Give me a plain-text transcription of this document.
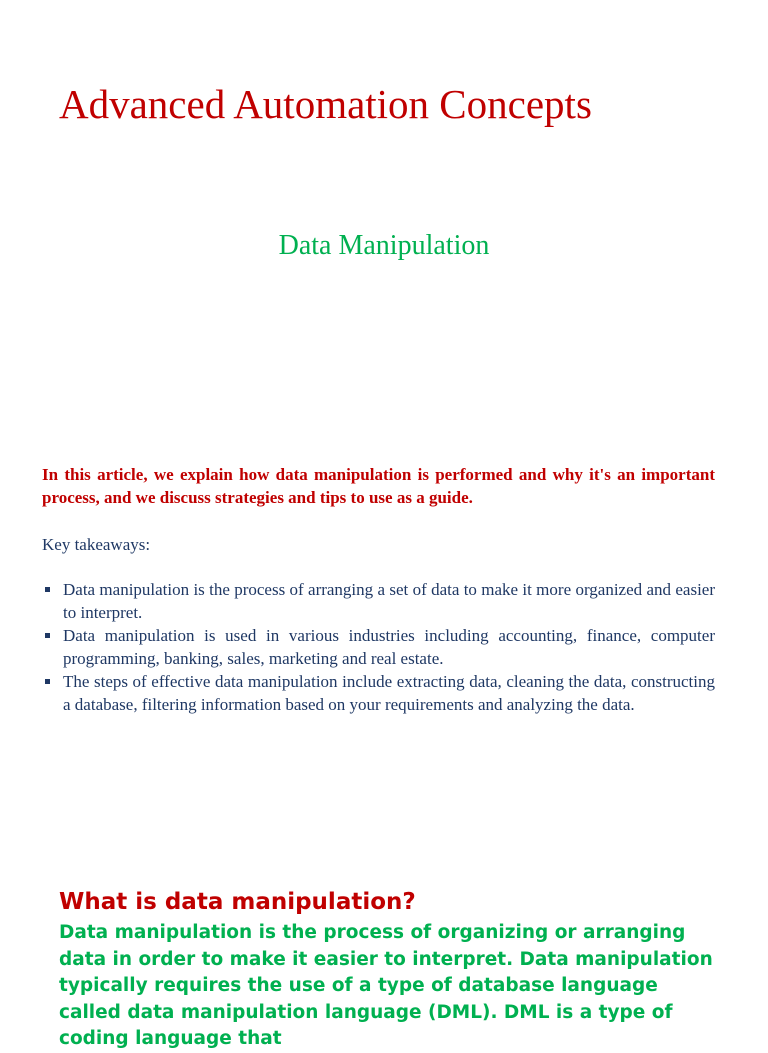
Advanced Automation Concepts
Data Manipulation

In this article, we explain how data manipulation is performed and why it's an important process, and we discuss strategies and tips to use as a guide.

Key takeaways:

Data manipulation is the process of arranging a set of data to make it more organized and easier to interpret.
Data manipulation is used in various industries including accounting, finance, computer programming, banking, sales, marketing and real estate.
The steps of effective data manipulation include extracting data, cleaning the data, constructing a database, filtering information based on your requirements and analyzing the data.
What is data manipulation?

Data manipulation is the process of organizing or arranging data in order to make it easier to interpret. Data manipulation typically requires the use of a type of database language called data manipulation language (DML). DML is a type of coding language that
